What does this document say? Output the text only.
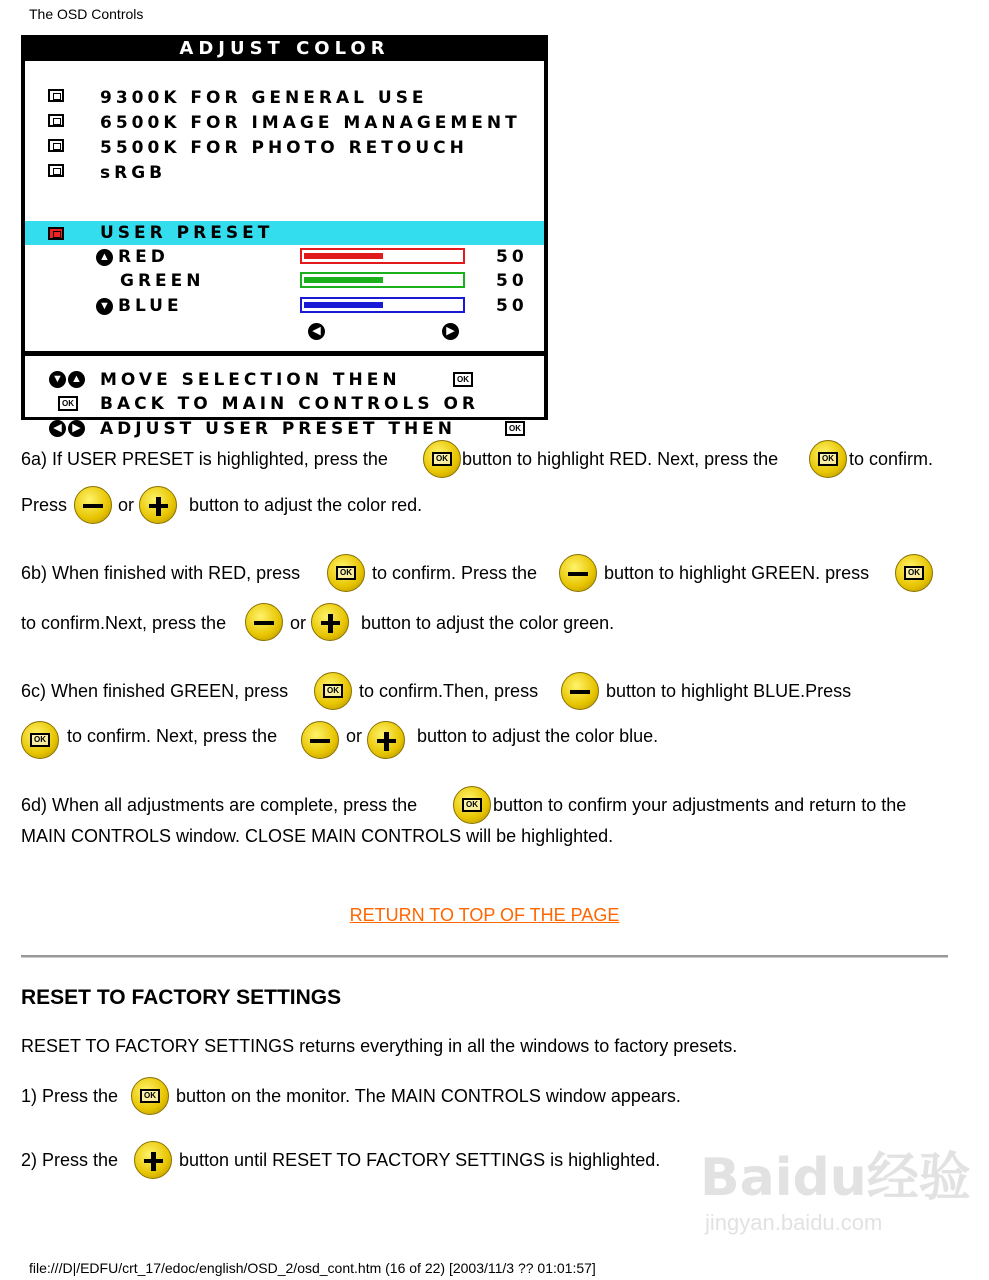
The OSD Controls
ADJUST COLOR
9300K FOR GENERAL USE
6500K FOR IMAGE MANAGEMENT
5500K FOR PHOTO RETOUCH
sRGB
USER PRESET
▲ RED	50
GREEN	50
▼ BLUE	50
◀	▶
▼ ▲ MOVE SELECTION THEN	OK
OK BACK TO MAIN CONTROLS OR
◀ ▶ ADJUST USER PRESET THEN	OK
6a) If USER PRESET is highlighted, press the	OK button to highlight RED. Next, press the	OK to confirm.
Press	or	button to adjust the color red.
6b) When finished with RED, press	OK to confirm. Press the	button to highlight GREEN. press	OK
to confirm.Next, press the	or	button to adjust the color green.
6c) When finished GREEN, press	OK to confirm.Then, press	button to highlight BLUE.Press
OK to confirm. Next, press the	or	button to adjust the color blue.
6d) When all adjustments are complete, press the	OK button to confirm your adjustments and return to the
MAIN CONTROLS window. CLOSE MAIN CONTROLS will be highlighted.
RETURN TO TOP OF THE PAGE
RESET TO FACTORY SETTINGS
RESET TO FACTORY SETTINGS returns everything in all the windows to factory presets.
1) Press the	OK button on the monitor. The MAIN CONTROLS window appears.
2) Press the	button until RESET TO FACTORY SETTINGS is highlighted. Baidu经验
jingyan.baidu.com
file:///D|/EDFU/crt_17/edoc/english/OSD_2/osd_cont.htm (16 of 22) [2003/11/3 ?? 01:01:57]
